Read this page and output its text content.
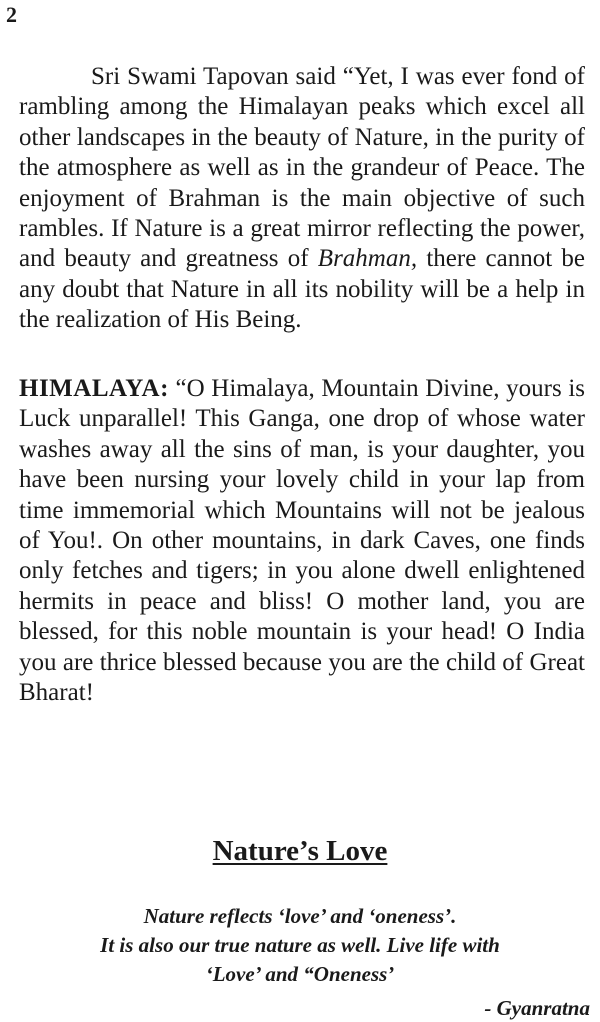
2

Sri Swami Tapovan said “Yet, I was ever fond of rambling among the Himalayan peaks which excel all other landscapes in the beauty of Nature, in the purity of the atmosphere as well as in the grandeur of Peace. The enjoyment of Brahman is the main objective of such rambles. If Nature is a great mirror reflecting the power, and beauty and greatness of Brahman, there cannot be any doubt that Nature in all its nobility will be a help in the realization of His Being.

HIMALAYA: “O Himalaya, Mountain Divine, yours is Luck unparallel! This Ganga, one drop of whose water washes away all the sins of man, is your daughter, you have been nursing your lovely child in your lap from time immemorial which Mountains will not be jealous of You!. On other mountains, in dark Caves, one finds only fetches and tigers; in you alone dwell enlightened hermits in peace and bliss! O mother land, you are blessed, for this noble mountain is your head! O India you are thrice blessed because you are the child of Great Bharat!

Nature’s Love
Nature reflects ‘love’ and ‘oneness’.
It is also our true nature as well. Live life with
‘Love’ and “Oneness’
- Gyanratna
